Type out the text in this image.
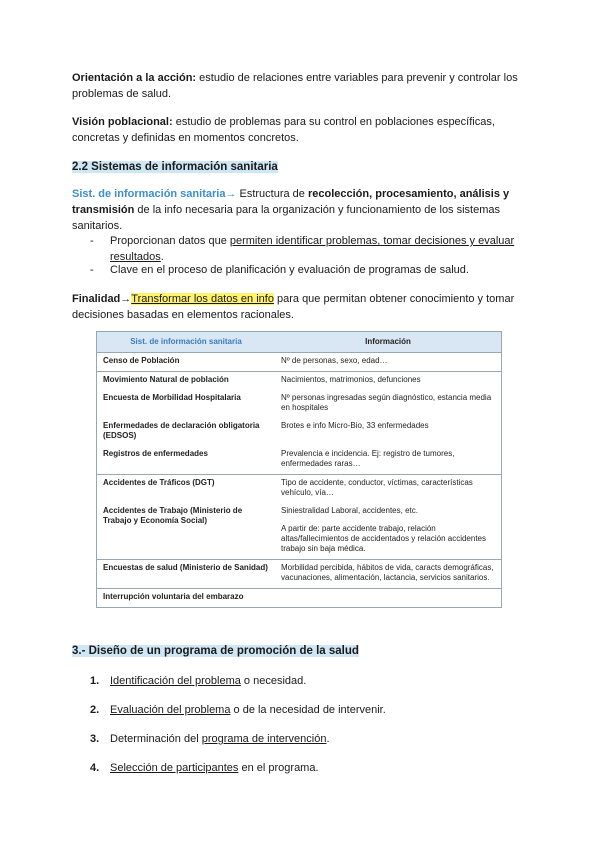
Orientación a la acción: estudio de relaciones entre variables para prevenir y controlar los problemas de salud.
Visión poblacional: estudio de problemas para su control en poblaciones específicas, concretas y definidas en momentos concretos.
2.2 Sistemas de información sanitaria
Sist. de información sanitaria→ Estructura de recolección, procesamiento, análisis y transmisión de la info necesaria para la organización y funcionamiento de los sistemas sanitarios.
- Proporcionan datos que permiten identificar problemas, tomar decisiones y evaluar resultados.
- Clave en el proceso de planificación y evaluación de programas de salud.
Finalidad→Transformar los datos en info para que permitan obtener conocimiento y tomar decisiones basadas en elementos racionales.
Sist. de información sanitaria	Información
Censo de Población	Nº de personas, sexo, edad…
Movimiento Natural de población	Nacimientos, matrimonios, defunciones
Encuesta de Morbilidad Hospitalaria	Nº personas ingresadas según diagnóstico, estancia media en hospitales
Enfermedades de declaración obligatoria (EDSOS)	Brotes e info Micro-Bio, 33 enfermedades
Registros de enfermedades	Prevalencia e incidencia. Ej: registro de tumores, enfermedades raras…
Accidentes de Tráficos (DGT)	Tipo de accidente, conductor, víctimas, características vehículo, vía…
Accidentes de Trabajo (Ministerio de Trabajo y Economía Social)	Siniestralidad Laboral, accidentes, etc.
A partir de: parte accidente trabajo, relación altas/fallecimientos de accidentados y relación accidentes trabajo sin baja médica.

Encuestas de salud (Ministerio de Sanidad)	Morbilidad percibida, hábitos de vida, caracts demográficas, vacunaciones, alimentación, lactancia, servicios sanitarios.
Interrupción voluntaria del embarazo	
3.- Diseño de un programa de promoción de la salud
1. Identificación del problema o necesidad.
2. Evaluación del problema o de la necesidad de intervenir.
3. Determinación del programa de intervención.
4. Selección de participantes en el programa.
